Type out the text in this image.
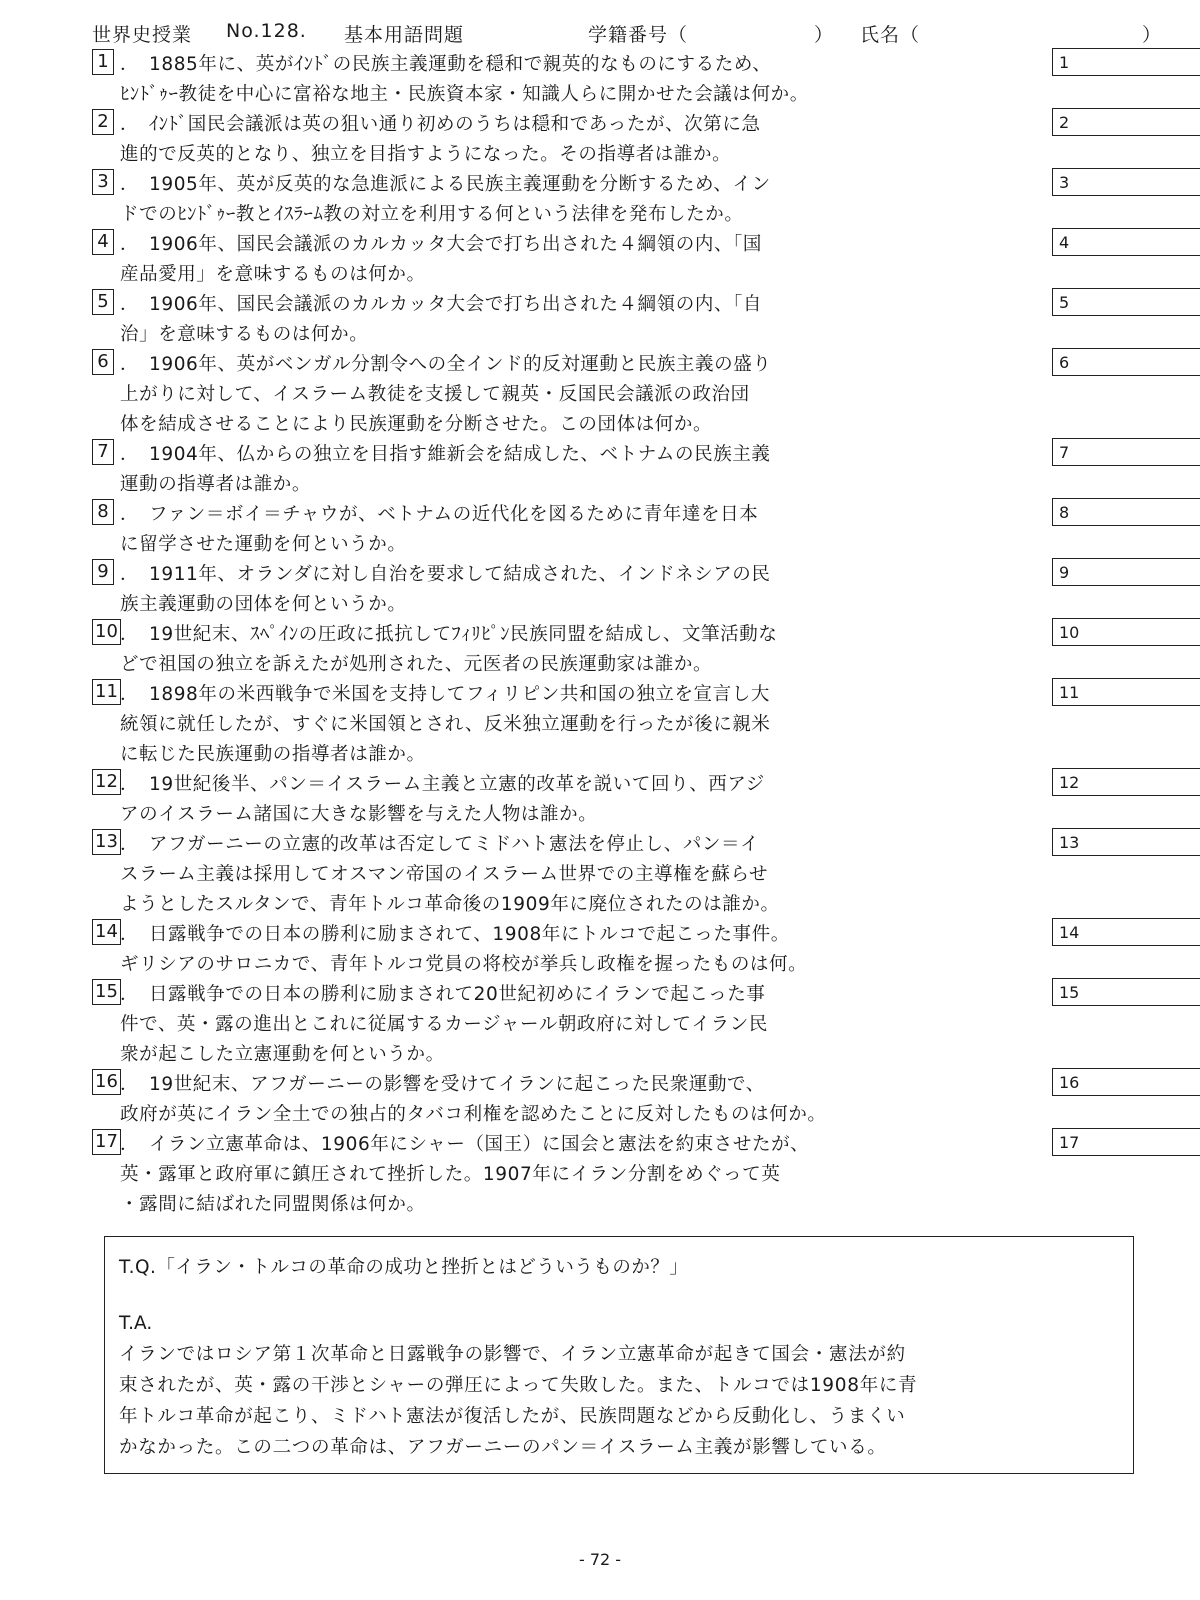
世界史授業 No.128. 基本用語問題	学籍番号（	） 氏名（	）
1 ．　1885年に、英がｲﾝﾄﾞの民族主義運動を穏和で親英的なものにするため、
ﾋﾝﾄﾞｩｰ教徒を中心に富裕な地主・民族資本家・知識人らに開かせた会議は何か。
1
2 ．　ｲﾝﾄﾞ国民会議派は英の狙い通り初めのうちは穏和であったが、次第に急
進的で反英的となり、独立を目指すようになった。その指導者は誰か。
2
3 ．　1905年、英が反英的な急進派による民族主義運動を分断するため、イン
ドでのﾋﾝﾄﾞｩｰ教とｲｽﾗｰﾑ教の対立を利用する何という法律を発布したか。
3
4 ．　1906年、国民会議派のカルカッタ大会で打ち出された４綱領の内、「国
産品愛用」を意味するものは何か。
4
5 ．　1906年、国民会議派のカルカッタ大会で打ち出された４綱領の内、「自
治」を意味するものは何か。
5
6 ．　1906年、英がベンガル分割令への全インド的反対運動と民族主義の盛り
上がりに対して、イスラーム教徒を支援して親英・反国民会議派の政治団
体を結成させることにより民族運動を分断させた。この団体は何か。
6
7 ．　1904年、仏からの独立を目指す維新会を結成した、ベトナムの民族主義
運動の指導者は誰か。
7
8 ．　ファン＝ボイ＝チャウが、ベトナムの近代化を図るために青年達を日本
に留学させた運動を何というか。
8
9 ．　1911年、オランダに対し自治を要求して結成された、インドネシアの民
族主義運動の団体を何というか。
9
10 ．　19世紀末、ｽﾍﾟｲﾝの圧政に抵抗してﾌｨﾘﾋﾟﾝ民族同盟を結成し、文筆活動な
どで祖国の独立を訴えたが処刑された、元医者の民族運動家は誰か。
10
11 ．　1898年の米西戦争で米国を支持してフィリピン共和国の独立を宣言し大
統領に就任したが、すぐに米国領とされ、反米独立運動を行ったが後に親米
に転じた民族運動の指導者は誰か。
11
12 ．　19世紀後半、パン＝イスラーム主義と立憲的改革を説いて回り、西アジ
アのイスラーム諸国に大きな影響を与えた人物は誰か。
12
13 ．　アフガーニーの立憲的改革は否定してミドハト憲法を停止し、パン＝イ
スラーム主義は採用してオスマン帝国のイスラーム世界での主導権を蘇らせ
ようとしたスルタンで、青年トルコ革命後の1909年に廃位されたのは誰か。
13
14 ．　日露戦争での日本の勝利に励まされて、1908年にトルコで起こった事件。
ギリシアのサロニカで、青年トルコ党員の将校が挙兵し政権を握ったものは何。
14
15 ．　日露戦争での日本の勝利に励まされて20世紀初めにイランで起こった事
件で、英・露の進出とこれに従属するカージャール朝政府に対してイラン民
衆が起こした立憲運動を何というか。
15
16 ．　19世紀末、アフガーニーの影響を受けてイランに起こった民衆運動で、
政府が英にイラン全土での独占的タバコ利権を認めたことに反対したものは何か。
16
17 ．　イラン立憲革命は、1906年にシャー（国王）に国会と憲法を約束させたが、
英・露軍と政府軍に鎮圧されて挫折した。1907年にイラン分割をめぐって英
・露間に結ばれた同盟関係は何か。
17
T.Q.「イラン・トルコの革命の成功と挫折とはどういうものか？」
T.A.
イランではロシア第１次革命と日露戦争の影響で、イラン立憲革命が起きて国会・憲法が約
束されたが、英・露の干渉とシャーの弾圧によって失敗した。また、トルコでは1908年に青
年トルコ革命が起こり、ミドハト憲法が復活したが、民族問題などから反動化し、うまくい
かなかった。この二つの革命は、アフガーニーのパン＝イスラーム主義が影響している。
- 72 -
